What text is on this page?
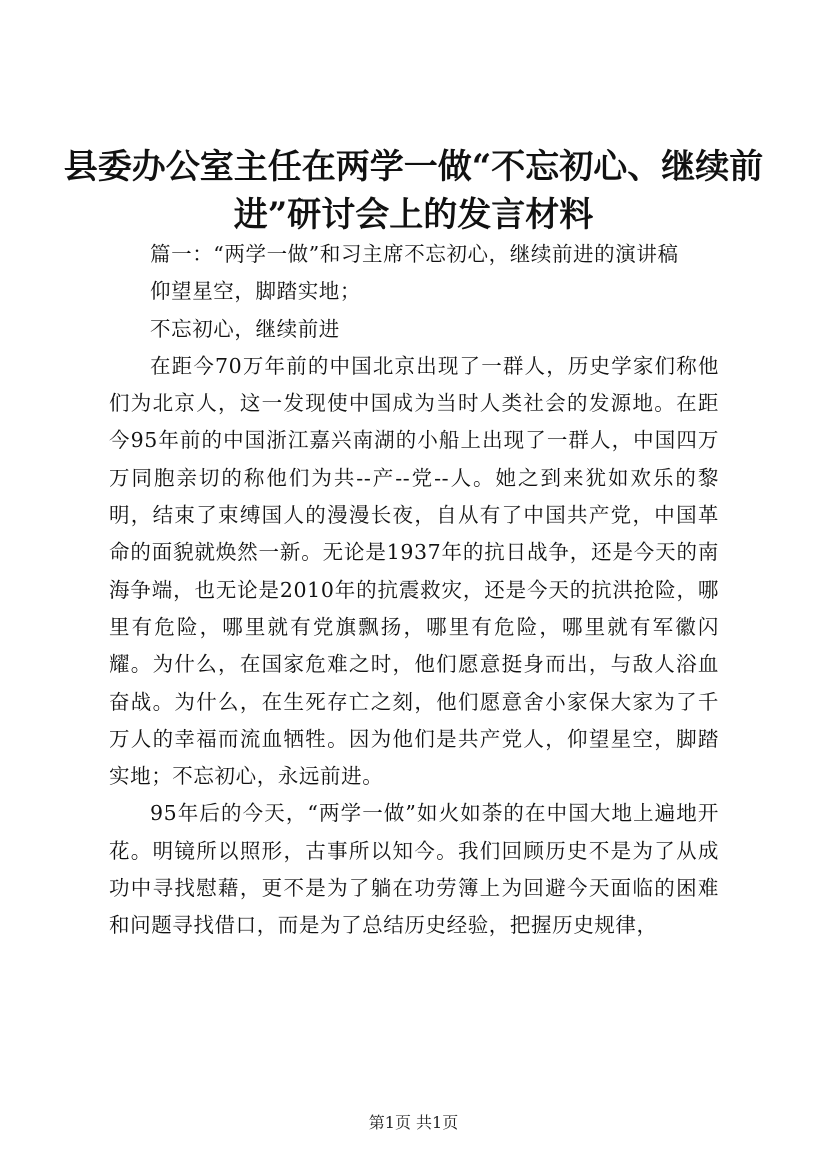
县委办公室主任在两学一做“不忘初心、继续前进”研讨会上的发言材料

篇一：“两学一做”和习主席不忘初心，继续前进的演讲稿

仰望星空，脚踏实地；

不忘初心，继续前进

在距今70万年前的中国北京出现了一群人，历史学家们称他们为北京人，这一发现使中国成为当时人类社会的发源地。在距今95年前的中国浙江嘉兴南湖的小船上出现了一群人，中国四万万同胞亲切的称他们为共--产--党--人。她之到来犹如欢乐的黎明，结束了束缚国人的漫漫长夜，自从有了中国共产党，中国革命的面貌就焕然一新。无论是1937年的抗日战争，还是今天的南海争端，也无论是2010年的抗震救灾，还是今天的抗洪抢险，哪里有危险，哪里就有党旗飘扬，哪里有危险，哪里就有军徽闪耀。为什么，在国家危难之时，他们愿意挺身而出，与敌人浴血奋战。为什么，在生死存亡之刻，他们愿意舍小家保大家为了千万人的幸福而流血牺牲。因为他们是共产党人，仰望星空，脚踏实地；不忘初心，永远前进。

95年后的今天，“两学一做”如火如荼的在中国大地上遍地开花。明镜所以照形，古事所以知今。我们回顾历史不是为了从成功中寻找慰藉，更不是为了躺在功劳簿上为回避今天面临的困难和问题寻找借口，而是为了总结历史经验，把握历史规律，

第1页 共1页
